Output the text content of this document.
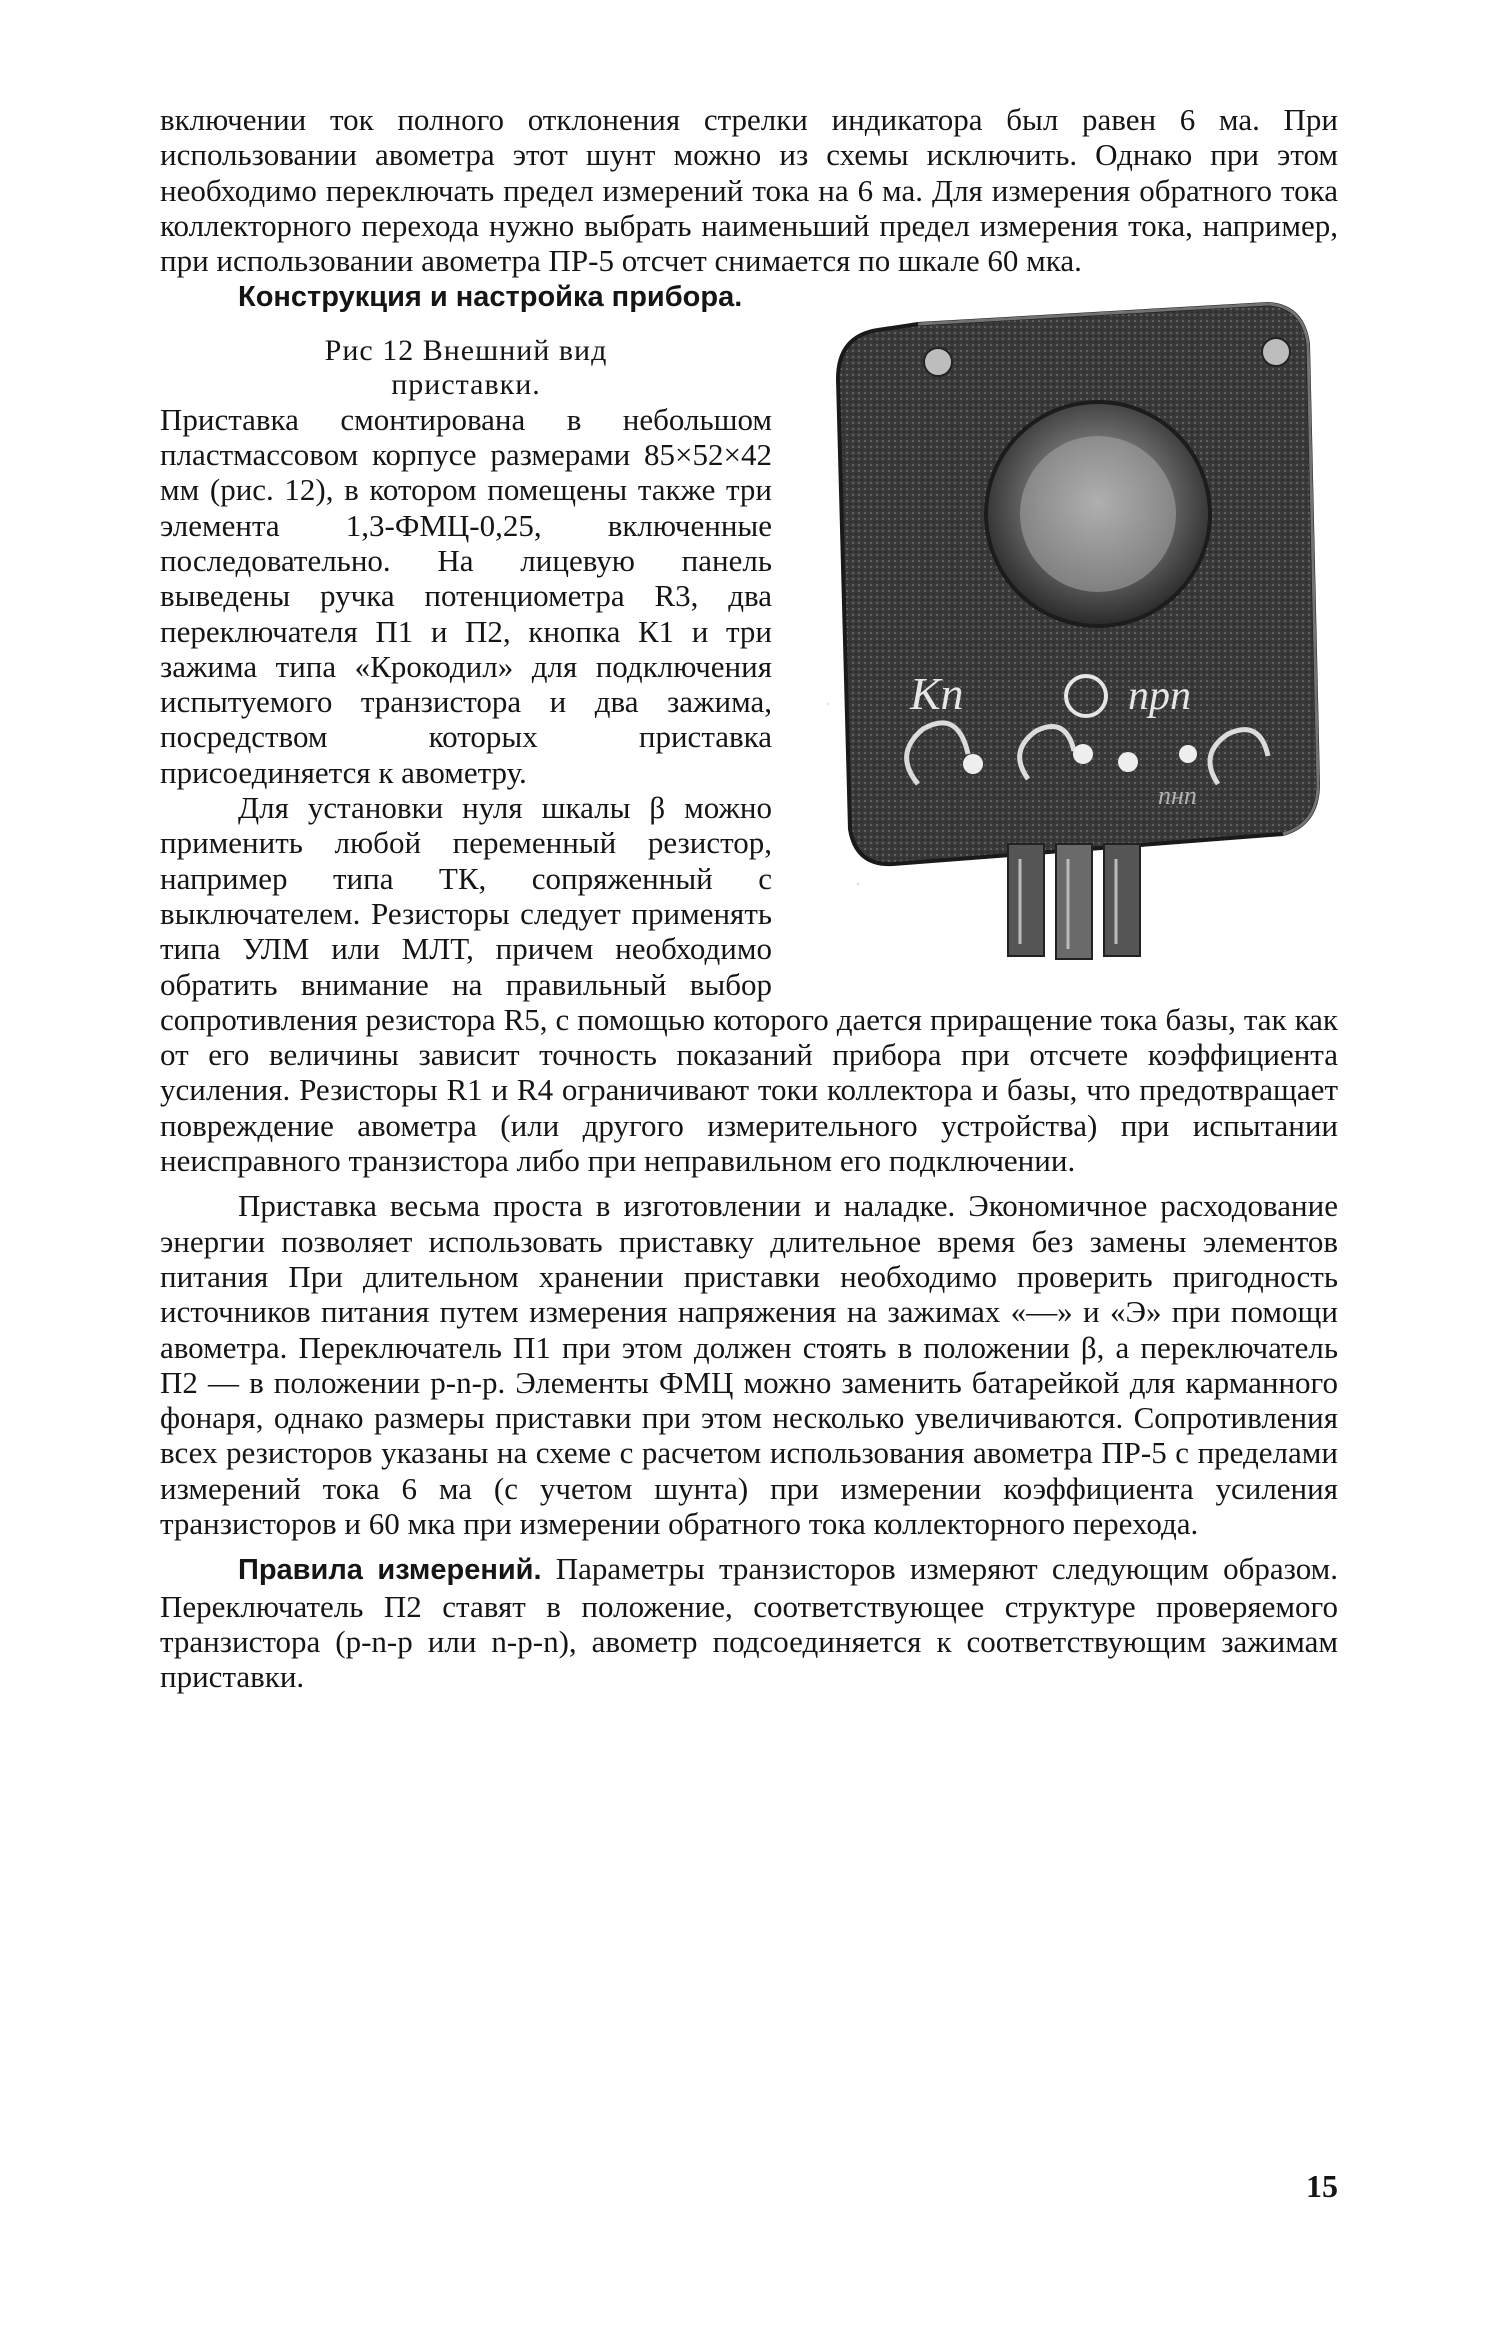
включении ток полного отклонения стрелки индикатора был равен 6 ма. При использовании авометра этот шунт можно из схемы исключить. Однако при этом необходимо переключать предел измерений тока на 6 ма. Для измерения обратного тока коллекторного перехода нужно выбрать наименьший предел измерения тока, например, при использовании авометра ПР-5 отсчет снимается по шкале 60 мка.

Конструкция и настройка прибора.
Кп	прп
пнп

Рис 12 Внешний вид
приставки.
Приставка смонтирована в небольшом пластмассовом корпусе размерами 85×52×42 мм (рис. 12), в котором помещены также три элемента 1,3-ФМЦ-0,25, включенные последовательно. На лицевую панель выведены ручка потенциометра R3, два переключателя П1 и П2, кнопка К1 и три зажима типа «Крокодил» для подключения испытуемого транзистора и два зажима, посредством которых приставка присоединяется к авометру.

Для установки нуля шкалы β можно применить любой переменный резистор, например типа ТК, сопряженный с выключателем. Резисторы следует применять типа УЛМ или МЛТ, причем необходимо обратить внимание на правильный выбор сопротивления резистора R5, с помощью которого дается приращение тока базы, так как от его величины зависит точность показаний прибора при отсчете коэффициента усиления. Резисторы R1 и R4 ограничивают токи коллектора и базы, что предотвращает повреждение авометра (или другого измерительного устройства) при испытании неисправного транзистора либо при неправильном его подключении.

Приставка весьма проста в изготовлении и наладке. Экономичное расходование энергии позволяет использовать приставку длительное время без замены элементов питания При длительном хранении приставки необходимо проверить пригодность источников питания путем измерения напряжения на зажимах «—» и «Э» при помощи авометра. Переключатель П1 при этом должен стоять в положении β, а переключатель П2 — в положении p-n-p. Элементы ФМЦ можно заменить батарейкой для карманного фонаря, однако размеры приставки при этом несколько увеличиваются. Сопротивления всех резисторов указаны на схеме с расчетом использования авометра ПР-5 с пределами измерений тока 6 ма (с учетом шунта) при измерении коэффициента усиления транзисторов и 60 мка при измерении обратного тока коллекторного перехода.

Правила измерений. Параметры транзисторов измеряют следующим образом. Переключатель П2 ставят в положение, соответствующее структуре проверяемого транзистора (p-n-p или n-p-n), авометр подсоединяется к соответствующим зажимам приставки.

15
